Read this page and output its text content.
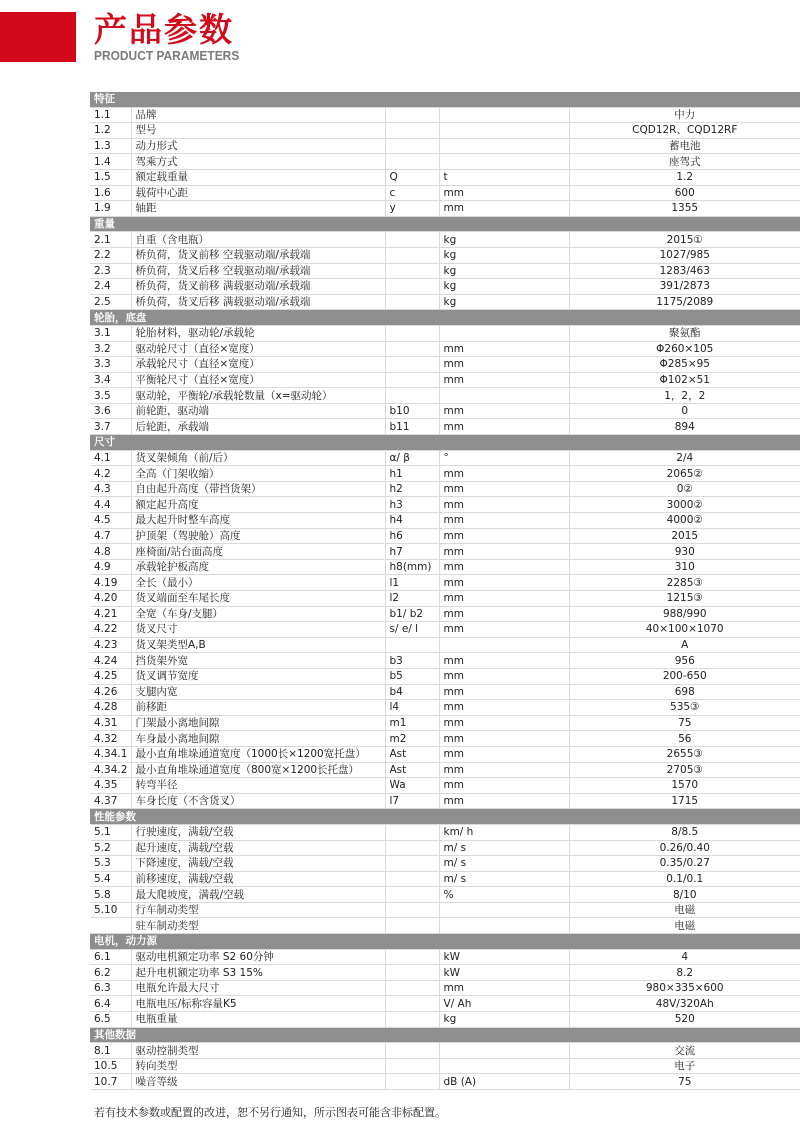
产品参数
PRODUCT PARAMETERS
特征				
1.1	品牌			中力
1.2	型号			CQD12R、CQD12RF
1.3	动力形式			蓄电池
1.4	驾乘方式			座驾式
1.5	额定载重量	Q	t	1.2
1.6	载荷中心距	c	mm	600
1.9	轴距	y	mm	1355
重量				
2.1	自重（含电瓶）		kg	2015①
2.2	桥负荷，货叉前移 空载驱动端/承载端		kg	1027/985
2.3	桥负荷，货叉后移 空载驱动端/承载端		kg	1283/463
2.4	桥负荷，货叉前移 满载驱动端/承载端		kg	391/2873
2.5	桥负荷，货叉后移 满载驱动端/承载端		kg	1175/2089
轮胎，底盘				
3.1	轮胎材料，驱动轮/承载轮			聚氨酯
3.2	驱动轮尺寸（直径×宽度）		mm	Φ260×105
3.3	承载轮尺寸（直径×宽度）		mm	Φ285×95
3.4	平衡轮尺寸（直径×宽度）		mm	Φ102×51
3.5	驱动轮，平衡轮/承载轮数量（x=驱动轮）			1，2，2
3.6	前轮距，驱动端	b10	mm	0
3.7	后轮距，承载端	b11	mm	894
尺寸				
4.1	货叉架倾角（前/后）	α/ β	°	2/4
4.2	全高（门架收缩）	h1	mm	2065②
4.3	自由起升高度（带挡货架）	h2	mm	0②
4.4	额定起升高度	h3	mm	3000②
4.5	最大起升时整车高度	h4	mm	4000②
4.7	护顶架（驾驶舱）高度	h6	mm	2015
4.8	座椅面/站台面高度	h7	mm	930
4.9	承载轮护板高度	h8(mm)	mm	310
4.19	全长（最小）	l1	mm	2285③
4.20	货叉端面至车尾长度	l2	mm	1215③
4.21	全宽（车身/支腿）	b1/ b2	mm	988/990
4.22	货叉尺寸	s/ e/ l	mm	40×100×1070
4.23	货叉架类型A,B			A
4.24	挡货架外宽	b3	mm	956
4.25	货叉调节宽度	b5	mm	200-650
4.26	支腿内宽	b4	mm	698
4.28	前移距	l4	mm	535③
4.31	门架最小离地间隙	m1	mm	75
4.32	车身最小离地间隙	m2	mm	56
4.34.1	最小直角堆垛通道宽度（1000长×1200宽托盘）	Ast	mm	2655③
4.34.2	最小直角堆垛通道宽度（800宽×1200长托盘）	Ast	mm	2705③
4.35	转弯半径	Wa	mm	1570
4.37	车身长度（不含货叉）	l7	mm	1715
性能参数				
5.1	行驶速度，满载/空载		km/ h	8/8.5
5.2	起升速度，满载/空载		m/ s	0.26/0.40
5.3	下降速度，满载/空载		m/ s	0.35/0.27
5.4	前移速度，满载/空载		m/ s	0.1/0.1
5.8	最大爬坡度，满载/空载		%	8/10
5.10	行车制动类型			电磁
	驻车制动类型			电磁
电机，动力源				
6.1	驱动电机额定功率 S2 60分钟		kW	4
6.2	起升电机额定功率 S3 15%		kW	8.2
6.3	电瓶允许最大尺寸		mm	980×335×600
6.4	电瓶电压/标称容量K5		V/ Ah	48V/320Ah
6.5	电瓶重量		kg	520
其他数据				
8.1	驱动控制类型			交流
10.5	转向类型			电子
10.7	噪音等级		dB (A)	75
若有技术参数或配置的改进，恕不另行通知，所示图表可能含非标配置。
